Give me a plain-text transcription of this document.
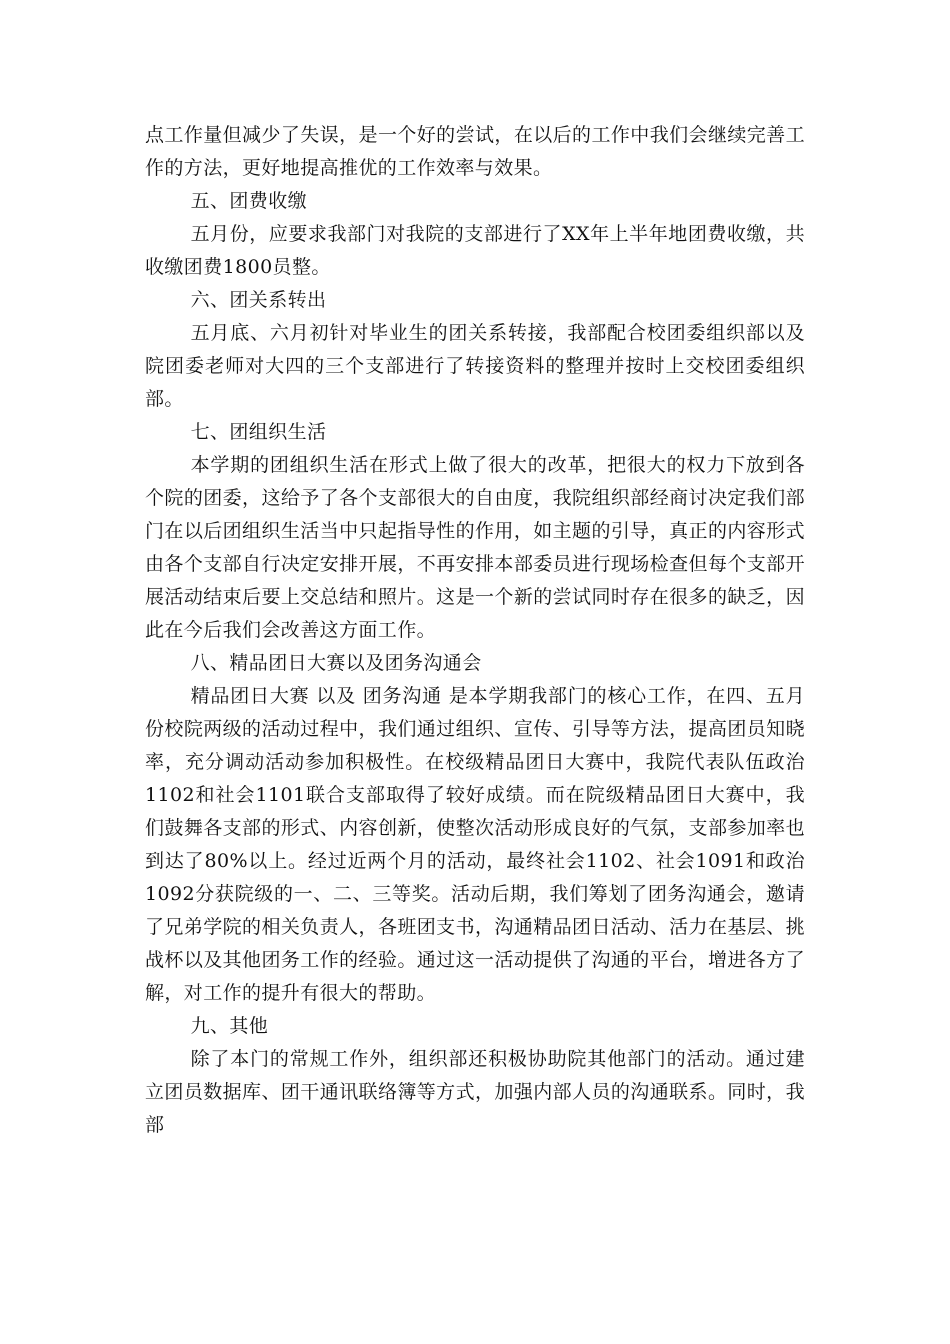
点工作量但减少了失误，是一个好的尝试，在以后的工作中我们会继续完善工作的方法，更好地提高推优的工作效率与效果。

五、团费收缴

五月份，应要求我部门对我院的支部进行了XX年上半年地团费收缴，共收缴团费1800员整。

六、团关系转出

五月底、六月初针对毕业生的团关系转接，我部配合校团委组织部以及院团委老师对大四的三个支部进行了转接资料的整理并按时上交校团委组织部。

七、团组织生活

本学期的团组织生活在形式上做了很大的改革，把很大的权力下放到各个院的团委，这给予了各个支部很大的自由度，我院组织部经商讨决定我们部门在以后团组织生活当中只起指导性的作用，如主题的引导，真正的内容形式由各个支部自行决定安排开展，不再安排本部委员进行现场检查但每个支部开展活动结束后要上交总结和照片。这是一个新的尝试同时存在很多的缺乏，因此在今后我们会改善这方面工作。

八、精品团日大赛以及团务沟通会

精品团日大赛 以及 团务沟通 是本学期我部门的核心工作，在四、五月份校院两级的活动过程中，我们通过组织、宣传、引导等方法，提高团员知晓率，充分调动活动参加积极性。在校级精品团日大赛中，我院代表队伍政治1102和社会1101联合支部取得了较好成绩。而在院级精品团日大赛中，我们鼓舞各支部的形式、内容创新，使整次活动形成良好的气氛，支部参加率也到达了80%以上。经过近两个月的活动，最终社会1102、社会1091和政治1092分获院级的一、二、三等奖。活动后期，我们筹划了团务沟通会，邀请了兄弟学院的相关负责人，各班团支书，沟通精品团日活动、活力在基层、挑战杯以及其他团务工作的经验。通过这一活动提供了沟通的平台，增进各方了解，对工作的提升有很大的帮助。

九、其他

除了本门的常规工作外，组织部还积极协助院其他部门的活动。通过建立团员数据库、团干通讯联络簿等方式，加强内部人员的沟通联系。同时，我部
